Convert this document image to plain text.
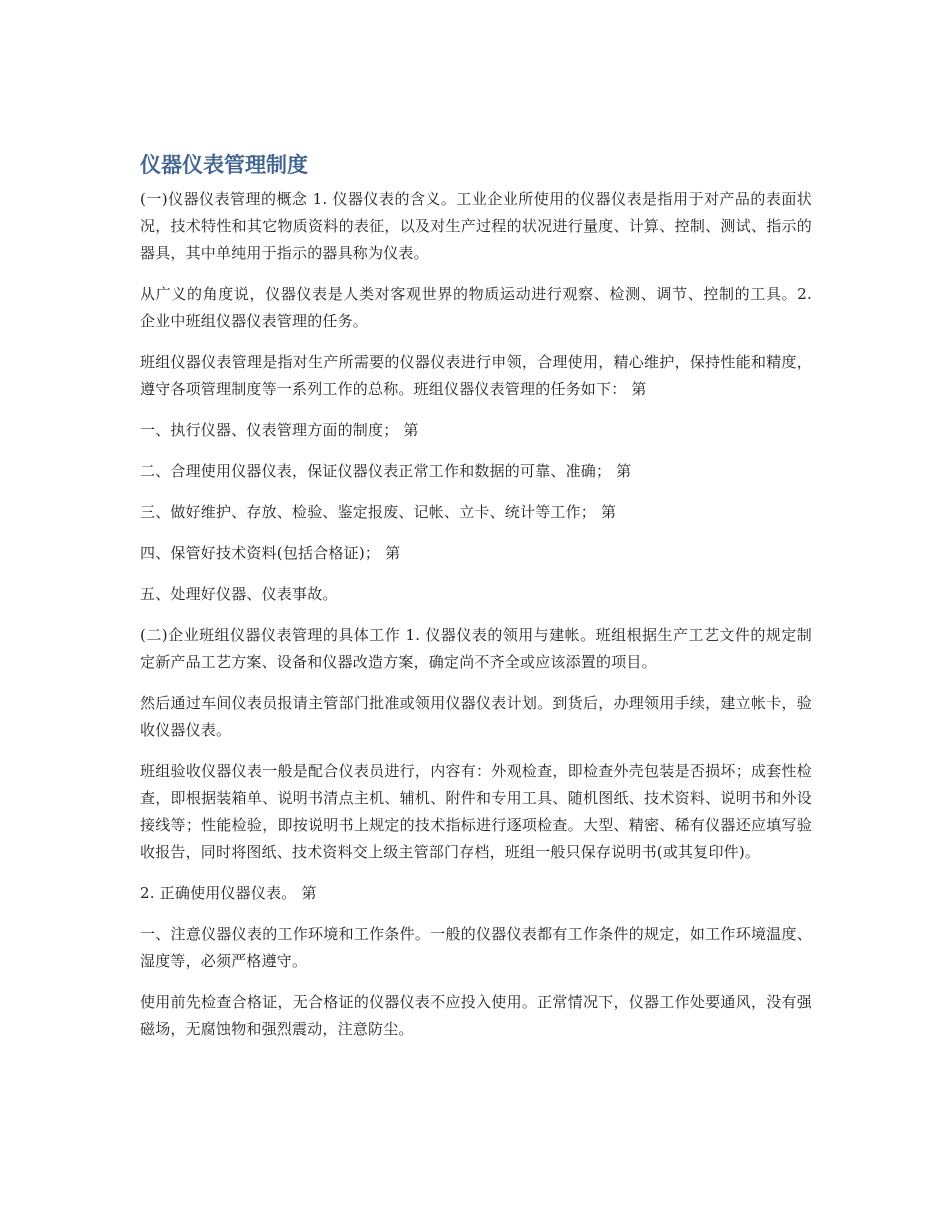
仪器仪表管理制度

(一)仪器仪表管理的概念 1. 仪器仪表的含义。工业企业所使用的仪器仪表是指用于对产品的表面状况，技术特性和其它物质资料的表征，以及对生产过程的状况进行量度、计算、控制、测试、指示的器具，其中单纯用于指示的器具称为仪表。

从广义的角度说，仪器仪表是人类对客观世界的物质运动进行观察、检测、调节、控制的工具。2. 企业中班组仪器仪表管理的任务。

班组仪器仪表管理是指对生产所需要的仪器仪表进行申领，合理使用，精心维护，保持性能和精度，遵守各项管理制度等一系列工作的总称。班组仪器仪表管理的任务如下： 第

一、执行仪器、仪表管理方面的制度； 第

二、合理使用仪器仪表，保证仪器仪表正常工作和数据的可靠、准确； 第

三、做好维护、存放、检验、鉴定报废、记帐、立卡、统计等工作； 第

四、保管好技术资料(包括合格证)； 第

五、处理好仪器、仪表事故。

(二)企业班组仪器仪表管理的具体工作 1. 仪器仪表的领用与建帐。班组根据生产工艺文件的规定制定新产品工艺方案、设备和仪器改造方案，确定尚不齐全或应该添置的项目。

然后通过车间仪表员报请主管部门批准或领用仪器仪表计划。到货后，办理领用手续，建立帐卡，验收仪器仪表。

班组验收仪器仪表一般是配合仪表员进行，内容有：外观检查，即检查外壳包装是否损坏；成套性检查，即根据装箱单、说明书清点主机、辅机、附件和专用工具、随机图纸、技术资料、说明书和外设接线等；性能检验，即按说明书上规定的技术指标进行逐项检查。大型、精密、稀有仪器还应填写验收报告，同时将图纸、技术资料交上级主管部门存档，班组一般只保存说明书(或其复印件)。

2. 正确使用仪器仪表。 第

一、注意仪器仪表的工作环境和工作条件。一般的仪器仪表都有工作条件的规定，如工作环境温度、湿度等，必须严格遵守。

使用前先检查合格证，无合格证的仪器仪表不应投入使用。正常情况下，仪器工作处要通风，没有强磁场，无腐蚀物和强烈震动，注意防尘。
